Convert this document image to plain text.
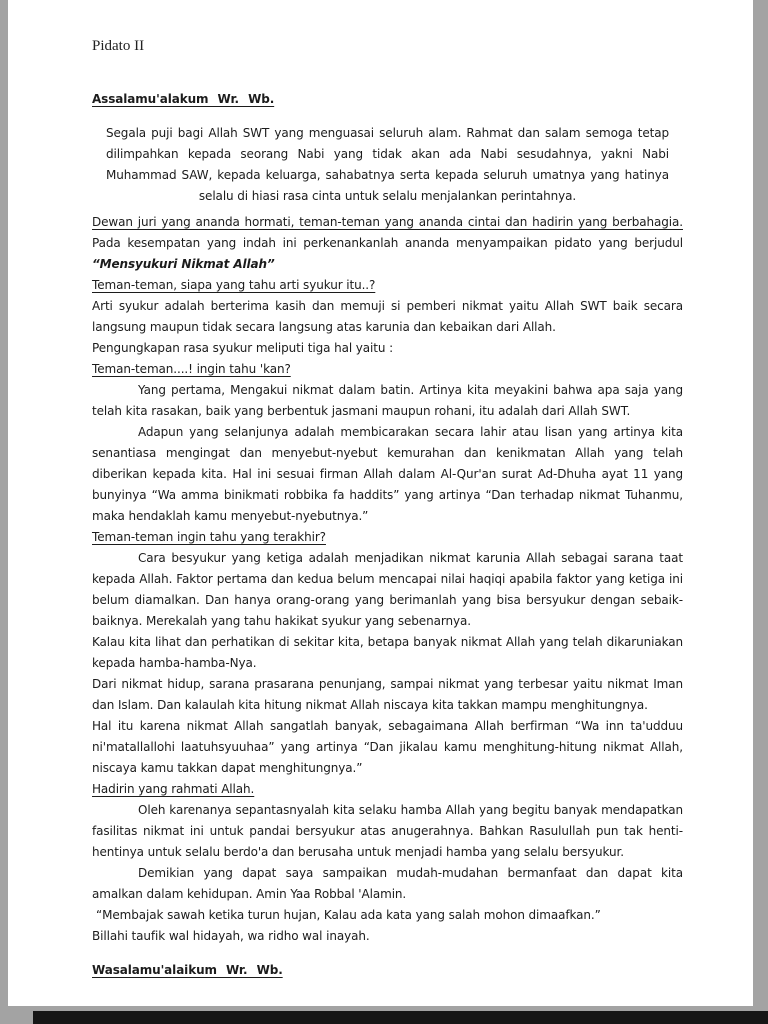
Pidato II

Assalamu'alakum Wr. Wb.

Segala puji bagi Allah SWT yang menguasai seluruh alam. Rahmat dan salam semoga tetap dilimpahkan kepada seorang Nabi yang tidak akan ada Nabi sesudahnya, yakni Nabi Muhammad SAW, kepada keluarga, sahabatnya serta kepada seluruh umatnya yang hatinya selalu di hiasi rasa cinta untuk selalu menjalankan perintahnya.

Dewan juri yang ananda hormati, teman-teman yang ananda cintai dan hadirin yang berbahagia.

Pada kesempatan yang indah ini perkenankanlah ananda menyampaikan pidato yang berjudul

“Mensyukuri Nikmat Allah”

Teman-teman, siapa yang tahu arti syukur itu..?

Arti syukur adalah berterima kasih dan memuji si pemberi nikmat yaitu Allah SWT baik secara langsung maupun tidak secara langsung atas karunia dan kebaikan dari Allah.

Pengungkapan rasa syukur meliputi tiga hal yaitu :

Teman-teman....! ingin tahu 'kan?

Yang pertama, Mengakui nikmat dalam batin. Artinya kita meyakini bahwa apa saja yang telah kita rasakan, baik yang berbentuk jasmani maupun rohani, itu adalah dari Allah SWT.

Adapun yang selanjunya adalah membicarakan secara lahir atau lisan yang artinya kita senantiasa mengingat dan menyebut-nyebut kemurahan dan kenikmatan Allah yang telah diberikan kepada kita. Hal ini sesuai firman Allah dalam Al-Qur'an surat Ad-Dhuha ayat 11 yang bunyinya “Wa amma binikmati robbika fa haddits” yang artinya “Dan terhadap nikmat Tuhanmu, maka hendaklah kamu menyebut-nyebutnya.”

Teman-teman ingin tahu yang terakhir?

Cara besyukur yang ketiga adalah menjadikan nikmat karunia Allah sebagai sarana taat kepada Allah. Faktor pertama dan kedua belum mencapai nilai haqiqi apabila faktor yang ketiga ini belum diamalkan. Dan hanya orang-orang yang berimanlah yang bisa bersyukur dengan sebaik-baiknya. Merekalah yang tahu hakikat syukur yang sebenarnya.

Kalau kita lihat dan perhatikan di sekitar kita, betapa banyak nikmat Allah yang telah dikaruniakan kepada hamba-hamba-Nya.

Dari nikmat hidup, sarana prasarana penunjang, sampai nikmat yang terbesar yaitu nikmat Iman dan Islam. Dan kalaulah kita hitung nikmat Allah niscaya kita takkan mampu menghitungnya.

Hal itu karena nikmat Allah sangatlah banyak, sebagaimana Allah berfirman “Wa inn ta'udduu ni'matallallohi laatuhsyuuhaa” yang artinya “Dan jikalau kamu menghitung-hitung nikmat Allah, niscaya kamu takkan dapat menghitungnya.”

Hadirin yang rahmati Allah.

Oleh karenanya sepantasnyalah kita selaku hamba Allah yang begitu banyak mendapatkan fasilitas nikmat ini untuk pandai bersyukur atas anugerahnya. Bahkan Rasulullah pun tak henti-hentinya untuk selalu berdo'a dan berusaha untuk menjadi hamba yang selalu bersyukur.

Demikian yang dapat saya sampaikan mudah-mudahan bermanfaat dan dapat kita amalkan dalam kehidupan. Amin Yaa Robbal 'Alamin.

“Membajak sawah ketika turun hujan, Kalau ada kata yang salah mohon dimaafkan.”

Billahi taufik wal hidayah, wa ridho wal inayah.

Wasalamu'alaikum Wr. Wb.
